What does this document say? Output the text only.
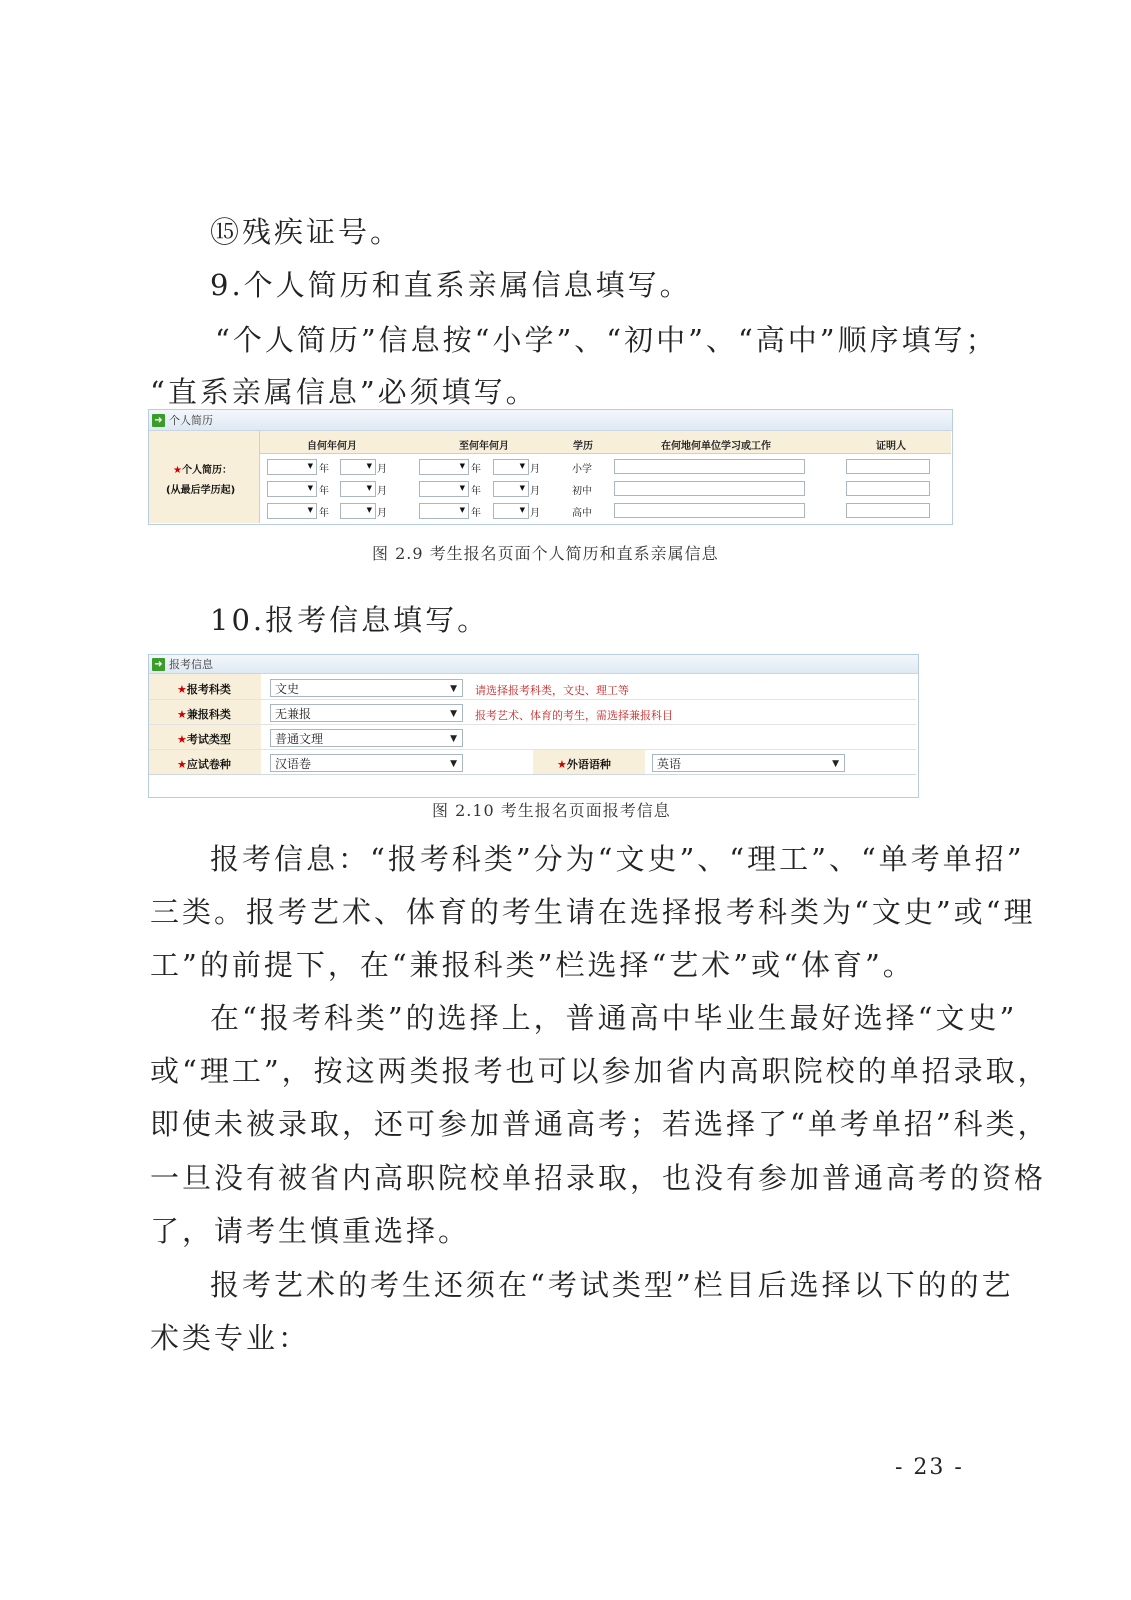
⑮残疾证号。
9.个人简历和直系亲属信息填写。
“个人简历”信息按“小学”、“初中”、“高中”顺序填写；
“直系亲属信息”必须填写。
➜ 个人简历
★个人简历：
(从最后学历起)
自何年何月	至何年何月	学历	在何地何单位学习或工作	证明人
▼ 年	▼ 月	▼ 年	▼ 月	小学
▼ 年	▼ 月	▼ 年	▼ 月	初中
▼ 年	▼ 月	▼ 年	▼ 月	高中
图 2.9 考生报名页面个人简历和直系亲属信息
10.报考信息填写。
➜ 报考信息
★报考科类	文史	▼ 请选择报考科类，文史、理工等
★兼报科类	无兼报	▼ 报考艺术、体育的考生，需选择兼报科目
★考试类型	普通文理	▼
★应试卷种	汉语卷	▼	★外语语种	英语	▼
图 2.10 考生报名页面报考信息
报考信息：“报考科类”分为“文史”、“理工”、“单考单招”
三类。报考艺术、体育的考生请在选择报考科类为“文史”或“理
工”的前提下，在“兼报科类”栏选择“艺术”或“体育”。
在“报考科类”的选择上，普通高中毕业生最好选择“文史”
或“理工”，按这两类报考也可以参加省内高职院校的单招录取，
即使未被录取，还可参加普通高考；若选择了“单考单招”科类，
一旦没有被省内高职院校单招录取，也没有参加普通高考的资格
了，请考生慎重选择。
报考艺术的考生还须在“考试类型”栏目后选择以下的的艺
术类专业：
- 23 -
